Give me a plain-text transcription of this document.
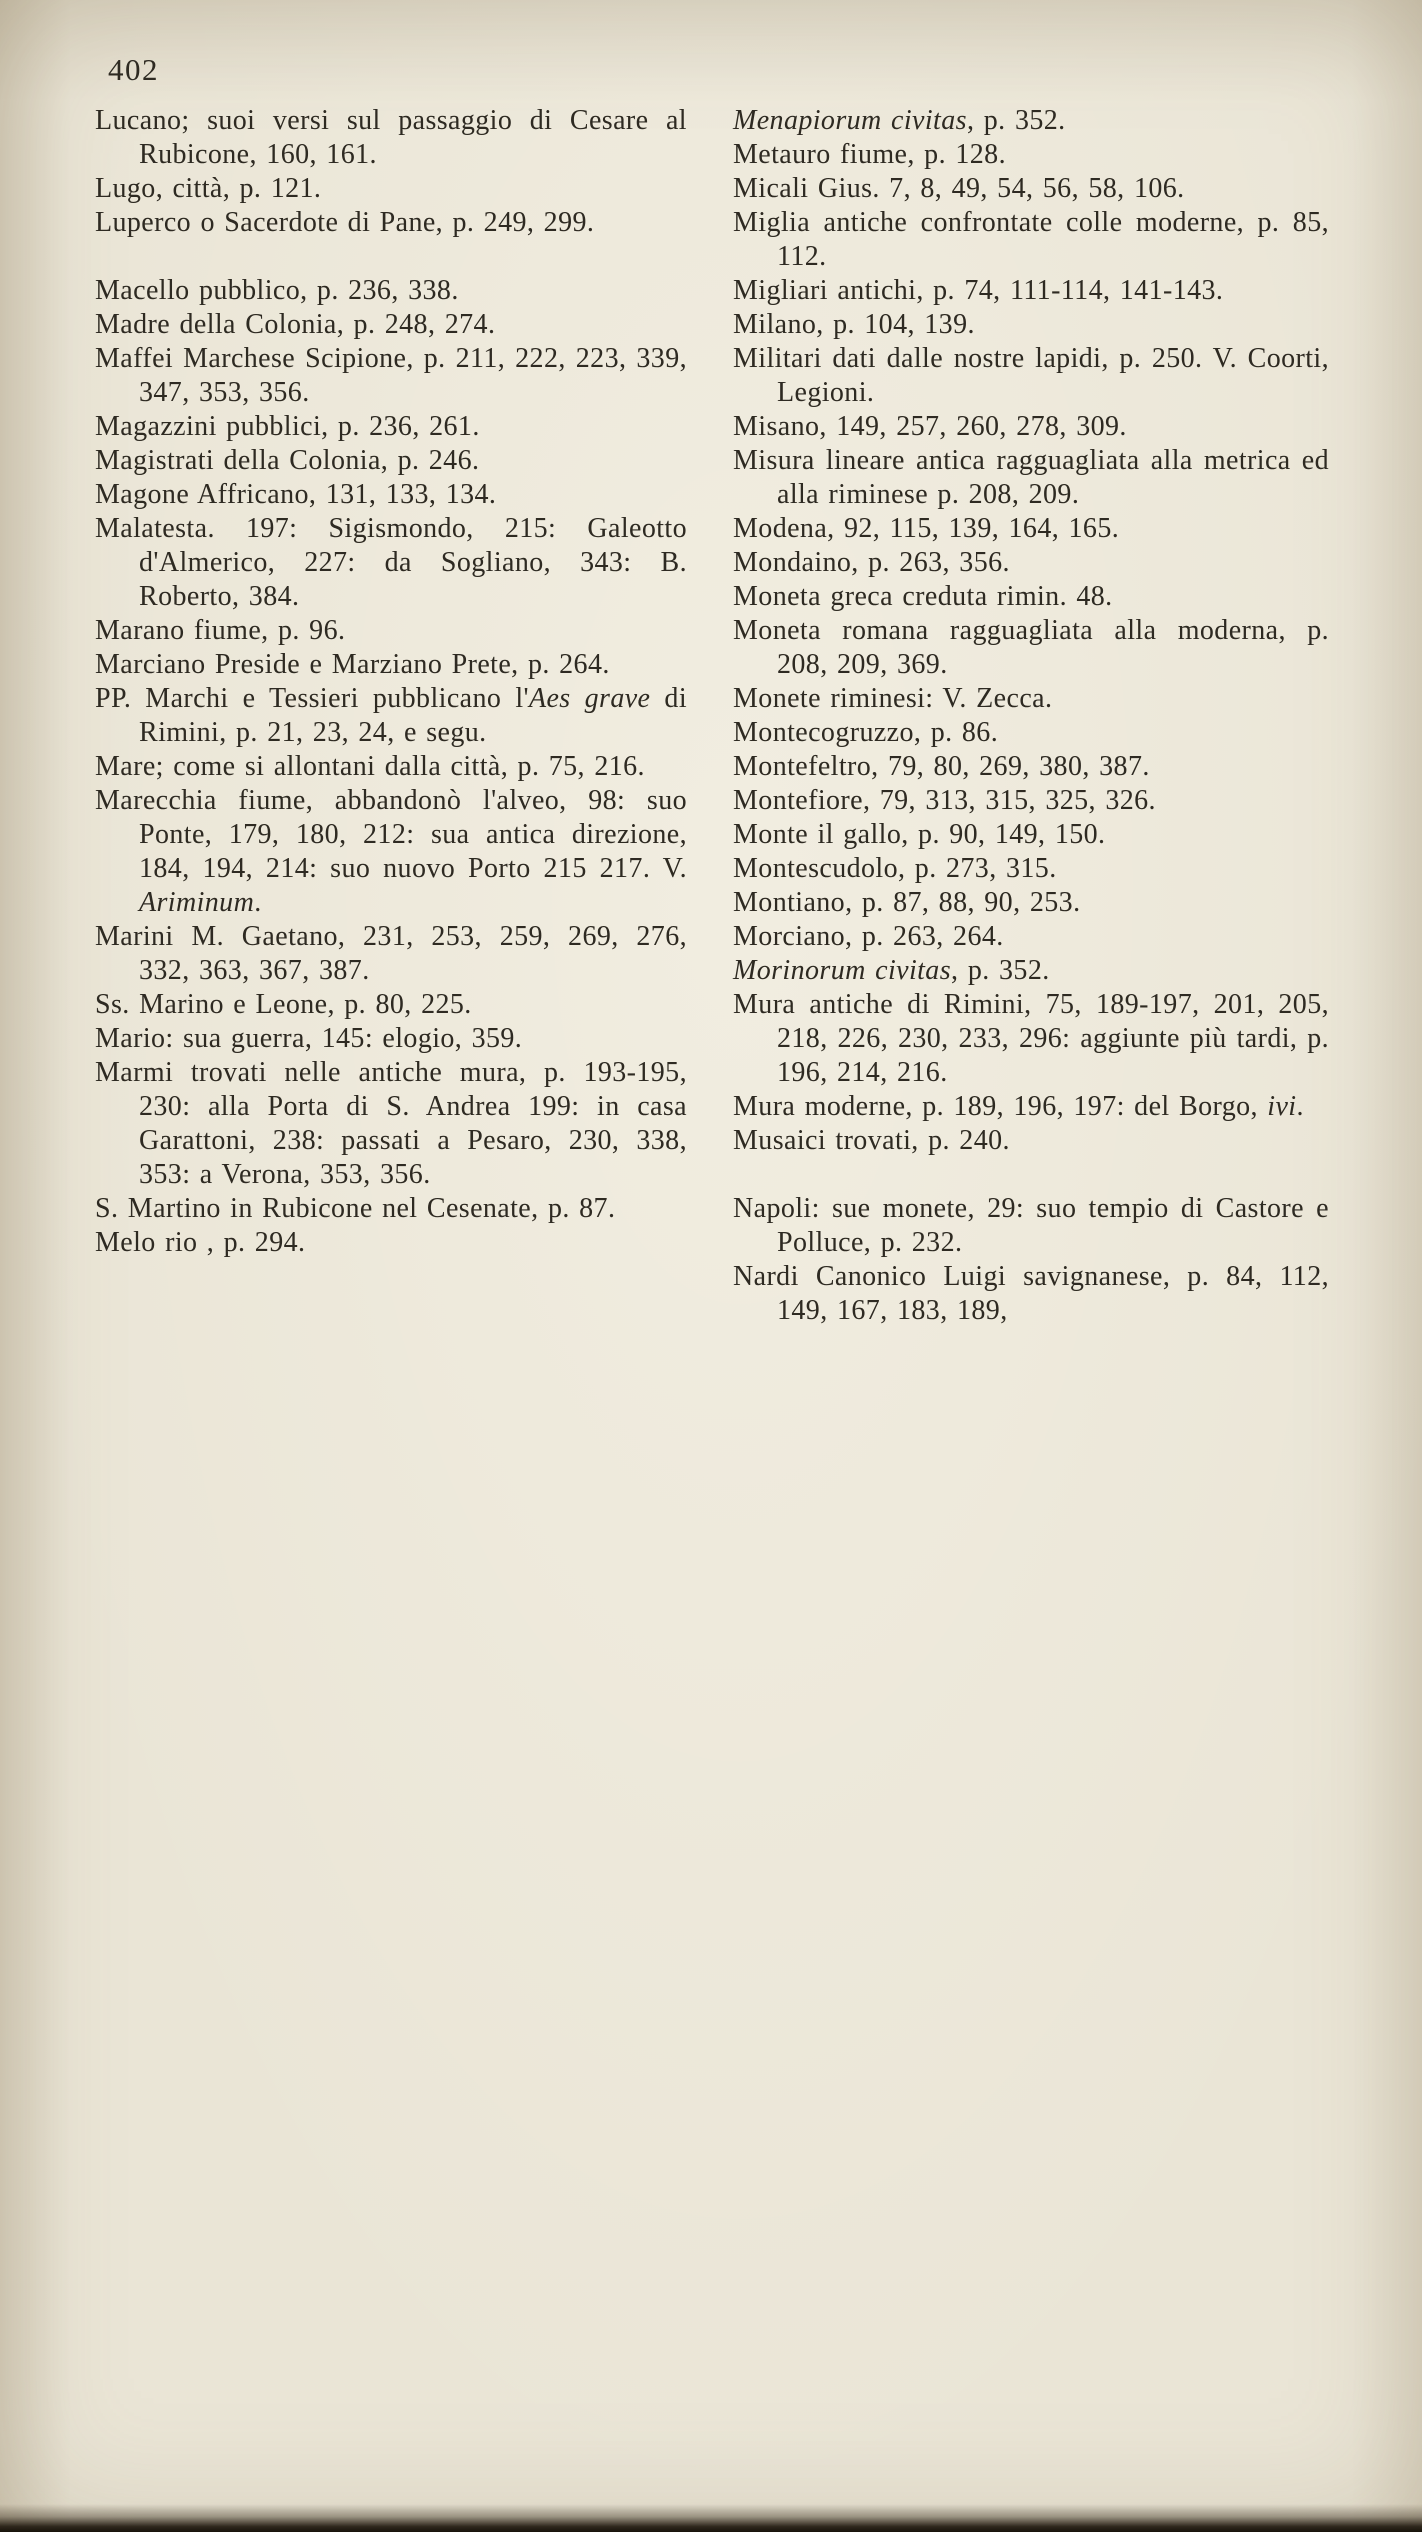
402

Lucano; suoi versi sul passaggio di Cesare al Rubicone, 160, 161.

Lugo, città, p. 121.

Luperco o Sacerdote di Pane, p. 249, 299.

Macello pubblico, p. 236, 338.

Madre della Colonia, p. 248, 274.

Maffei Marchese Scipione, p. 211, 222, 223, 339, 347, 353, 356.

Magazzini pubblici, p. 236, 261.

Magistrati della Colonia, p. 246.

Magone Affricano, 131, 133, 134.

Malatesta. 197: Sigismondo, 215: Galeotto d'Almerico, 227: da Sogliano, 343: B. Roberto, 384.

Marano fiume, p. 96.

Marciano Preside e Marziano Prete, p. 264.

PP. Marchi e Tessieri pubblicano l'Aes grave di Rimini, p. 21, 23, 24, e segu.

Mare; come si allontani dalla città, p. 75, 216.

Marecchia fiume, abbandonò l'alveo, 98: suo Ponte, 179, 180, 212: sua antica direzione, 184, 194, 214: suo nuovo Porto 215 217. V. Ariminum.

Marini M. Gaetano, 231, 253, 259, 269, 276, 332, 363, 367, 387.

Ss. Marino e Leone, p. 80, 225.

Mario: sua guerra, 145: elogio, 359.

Marmi trovati nelle antiche mura, p. 193-195, 230: alla Porta di S. Andrea 199: in casa Garattoni, 238: passati a Pesaro, 230, 338, 353: a Verona, 353, 356.

S. Martino in Rubicone nel Cesenate, p. 87.

Melo rio , p. 294.

Menapiorum civitas, p. 352.

Metauro fiume, p. 128.

Micali Gius. 7, 8, 49, 54, 56, 58, 106.

Miglia antiche confrontate colle moderne, p. 85, 112.

Migliari antichi, p. 74, 111-114, 141-143.

Milano, p. 104, 139.

Militari dati dalle nostre lapidi, p. 250. V. Coorti, Legioni.

Misano, 149, 257, 260, 278, 309.

Misura lineare antica ragguagliata alla metrica ed alla riminese p. 208, 209.

Modena, 92, 115, 139, 164, 165.

Mondaino, p. 263, 356.

Moneta greca creduta rimin. 48.

Moneta romana ragguagliata alla moderna, p. 208, 209, 369.

Monete riminesi: V. Zecca.

Montecogruzzo, p. 86.

Montefeltro, 79, 80, 269, 380, 387.

Montefiore, 79, 313, 315, 325, 326.

Monte il gallo, p. 90, 149, 150.

Montescudolo, p. 273, 315.

Montiano, p. 87, 88, 90, 253.

Morciano, p. 263, 264.

Morinorum civitas, p. 352.

Mura antiche di Rimini, 75, 189-197, 201, 205, 218, 226, 230, 233, 296: aggiunte più tardi, p. 196, 214, 216.

Mura moderne, p. 189, 196, 197: del Borgo, ivi.

Musaici trovati, p. 240.

Napoli: sue monete, 29: suo tempio di Castore e Polluce, p. 232.

Nardi Canonico Luigi savignanese, p. 84, 112, 149, 167, 183, 189,
